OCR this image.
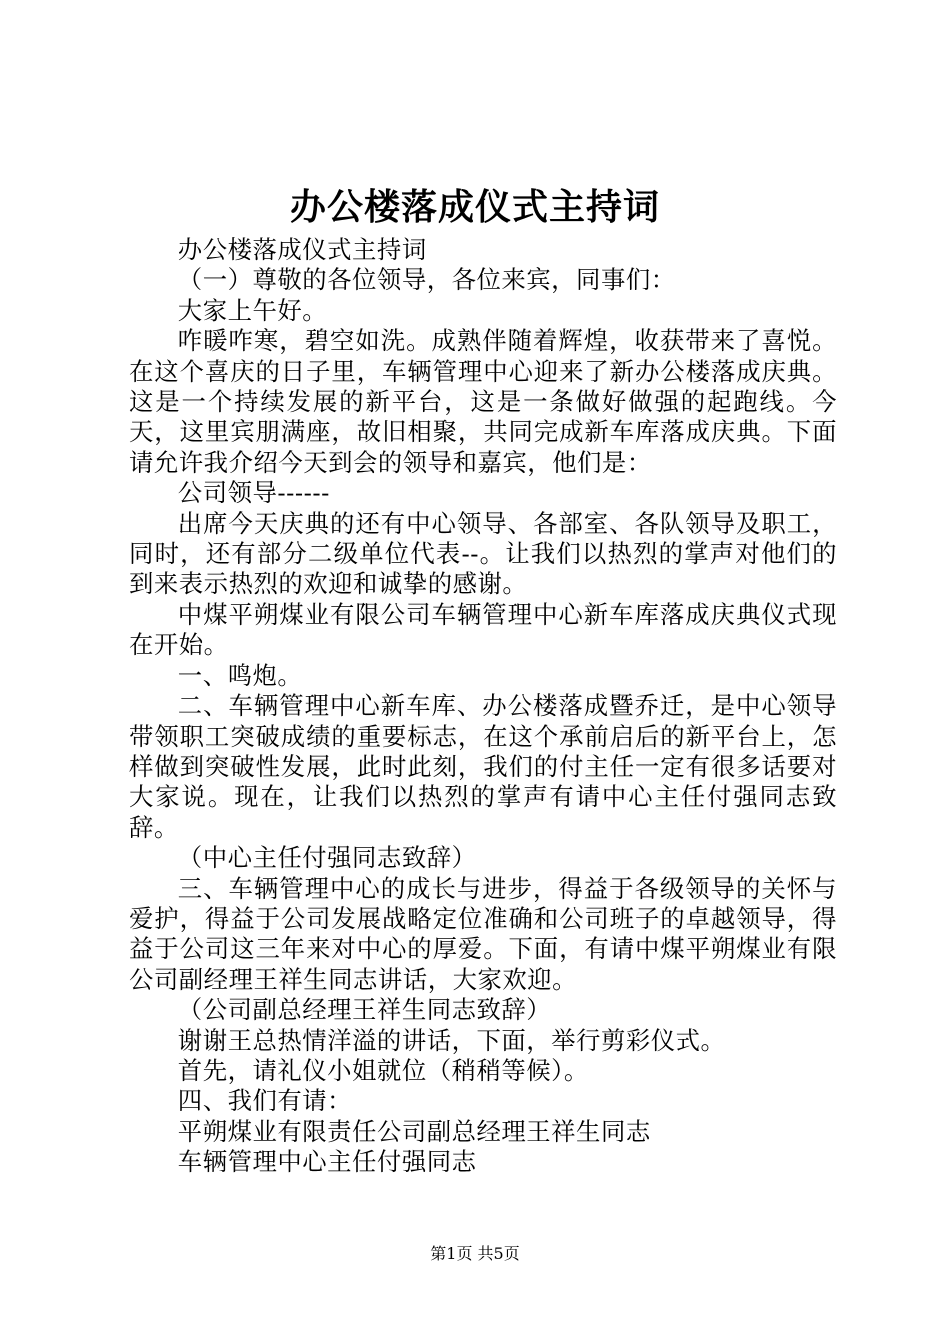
办公楼落成仪式主持词

办公楼落成仪式主持词

（一）尊敬的各位领导，各位来宾，同事们：

大家上午好。

咋暖咋寒，碧空如洗。成熟伴随着辉煌，收获带来了喜悦。在这个喜庆的日子里，车辆管理中心迎来了新办公楼落成庆典。这是一个持续发展的新平台，这是一条做好做强的起跑线。今天，这里宾朋满座，故旧相聚，共同完成新车库落成庆典。下面请允许我介绍今天到会的领导和嘉宾，他们是：

公司领导------

出席今天庆典的还有中心领导、各部室、各队领导及职工，同时，还有部分二级单位代表--。让我们以热烈的掌声对他们的到来表示热烈的欢迎和诚挚的感谢。

中煤平朔煤业有限公司车辆管理中心新车库落成庆典仪式现在开始。

一、鸣炮。

二、车辆管理中心新车库、办公楼落成暨乔迁，是中心领导带领职工突破成绩的重要标志，在这个承前启后的新平台上，怎样做到突破性发展，此时此刻，我们的付主任一定有很多话要对大家说。现在，让我们以热烈的掌声有请中心主任付强同志致辞。

（中心主任付强同志致辞）

三、车辆管理中心的成长与进步，得益于各级领导的关怀与爱护，得益于公司发展战略定位准确和公司班子的卓越领导，得益于公司这三年来对中心的厚爱。下面，有请中煤平朔煤业有限公司副经理王祥生同志讲话，大家欢迎。

（公司副总经理王祥生同志致辞）

谢谢王总热情洋溢的讲话，下面，举行剪彩仪式。

首先，请礼仪小姐就位（稍稍等候）。

四、我们有请：

平朔煤业有限责任公司副总经理王祥生同志

车辆管理中心主任付强同志

第1页 共5页
